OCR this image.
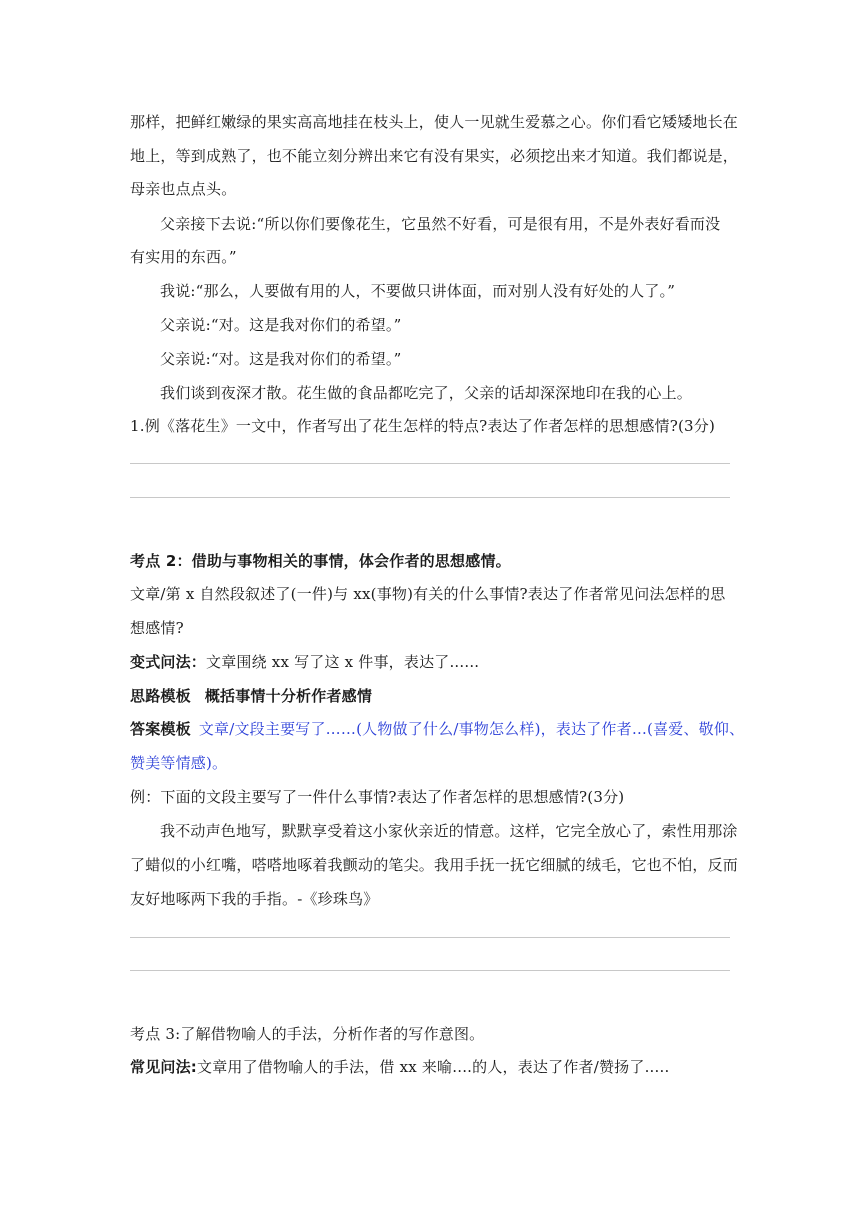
那样，把鲜红嫩绿的果实高高地挂在枝头上，使人一见就生爱慕之心。你们看它矮矮地长在
地上，等到成熟了，也不能立刻分辨出来它有没有果实，必须挖出来才知道。我们都说是，
母亲也点点头。
父亲接下去说:“所以你们要像花生，它虽然不好看，可是很有用，不是外表好看而没
有实用的东西。”
我说:“那么，人要做有用的人，不要做只讲体面，而对别人没有好处的人了。”
父亲说:“对。这是我对你们的希望。”
父亲说:“对。这是我对你们的希望。”
我们谈到夜深才散。花生做的食品都吃完了，父亲的话却深深地印在我的心上。
1.例《落花生》一文中，作者写出了花生怎样的特点?表达了作者怎样的思想感情?(3分)
考点 2：借助与事物相关的事情，体会作者的思想感情。
文章/第 x 自然段叙述了(一件)与 xx(事物)有关的什么事情?表达了作者常见问法怎样的思
想感情?
变式问法：文章围绕 xx 写了这 x 件事，表达了......
思路模板 概括事情十分析作者感情
答案模板 文章/文段主要写了……(人物做了什么/事物怎么样)，表达了作者…(喜爱、敬仰、
赞美等情感)。
例：下面的文段主要写了一件什么事情?表达了作者怎样的思想感情?(3分)
我不动声色地写，默默享受着这小家伙亲近的情意。这样，它完全放心了，索性用那涂
了蜡似的小红嘴，嗒嗒地啄着我颤动的笔尖。我用手抚一抚它细腻的绒毛，它也不怕，反而
友好地啄两下我的手指。-《珍珠鸟》
考点 3:了解借物喻人的手法，分析作者的写作意图。
常见问法:文章用了借物喻人的手法，借 xx 来喻....的人，表达了作者/赞扬了.....
